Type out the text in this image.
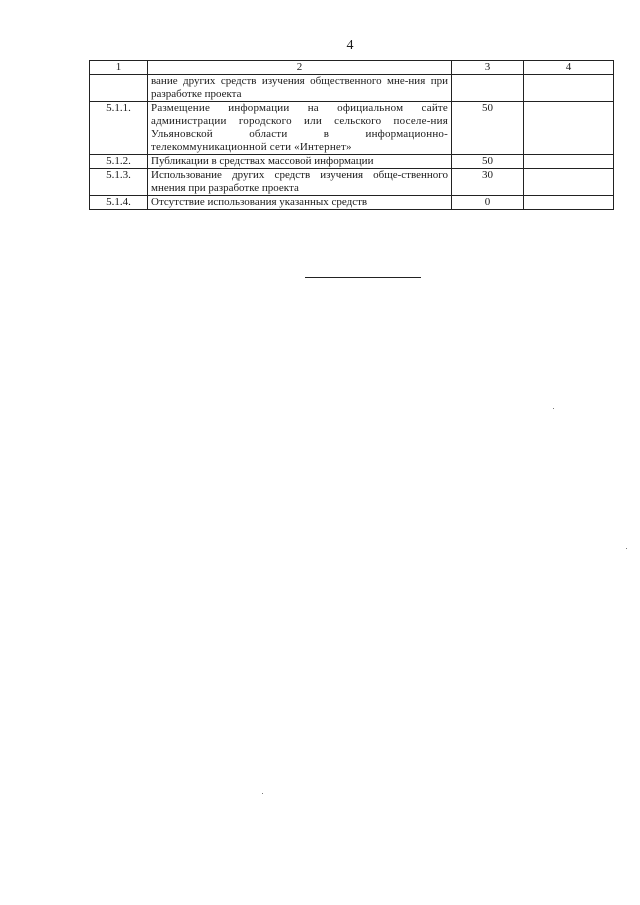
4
1	2	3	4
	вание других средств изучения общественного мне-ния при разработке проекта		
5.1.1.	Размещение информации на официальном сайте администрации городского или сельского поселе-ния Ульяновской области в информационно-телекоммуникационной сети «Интернет»	50	
5.1.2.	Публикации в средствах массовой информации	50	
5.1.3.	Использование других средств изучения обще-ственного мнения при разработке проекта	30	
5.1.4.	Отсутствие использования указанных средств	0	
